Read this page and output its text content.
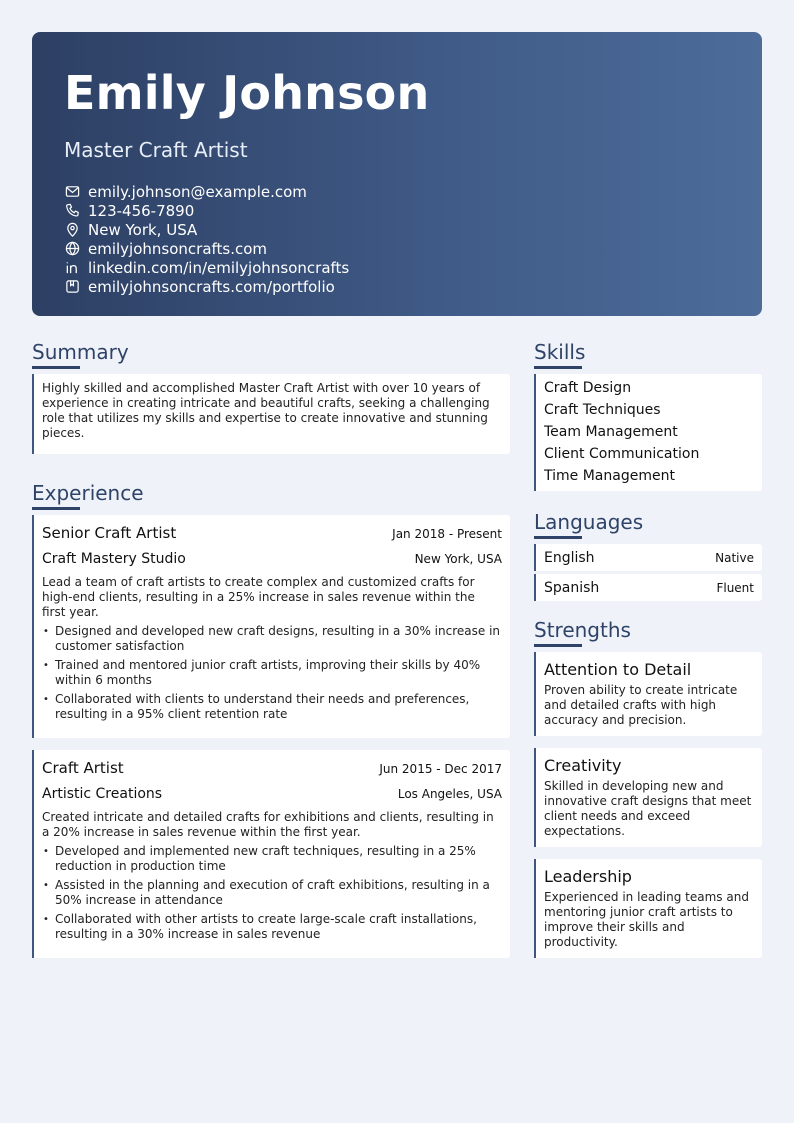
Emily Johnson
Master Craft Artist
emily.johnson@example.com
123-456-7890
New York, USA
emilyjohnsoncrafts.com
linkedin.com/in/emilyjohnsoncrafts
emilyjohnsoncrafts.com/portfolio
Summary
Highly skilled and accomplished Master Craft Artist with over 10 years of experience in creating intricate and beautiful crafts, seeking a challenging role that utilizes my skills and expertise to create innovative and stunning pieces.
Experience
Senior Craft Artist	Jan 2018 - Present
Craft Mastery Studio	New York, USA
Lead a team of craft artists to create complex and customized crafts for high-end clients, resulting in a 25% increase in sales revenue within the first year.
• Designed and developed new craft designs, resulting in a 30% increase in customer satisfaction
• Trained and mentored junior craft artists, improving their skills by 40% within 6 months
• Collaborated with clients to understand their needs and preferences, resulting in a 95% client retention rate
Craft Artist	Jun 2015 - Dec 2017
Artistic Creations	Los Angeles, USA
Created intricate and detailed crafts for exhibitions and clients, resulting in a 20% increase in sales revenue within the first year.
• Developed and implemented new craft techniques, resulting in a 25% reduction in production time
• Assisted in the planning and execution of craft exhibitions, resulting in a 50% increase in attendance
• Collaborated with other artists to create large-scale craft installations, resulting in a 30% increase in sales revenue
Skills
Craft Design
Craft Techniques
Team Management
Client Communication
Time Management
Languages
English	Native
Spanish	Fluent
Strengths
Attention to Detail
Proven ability to create intricate and detailed crafts with high accuracy and precision.
Creativity
Skilled in developing new and innovative craft designs that meet client needs and exceed expectations.
Leadership
Experienced in leading teams and mentoring junior craft artists to improve their skills and productivity.
